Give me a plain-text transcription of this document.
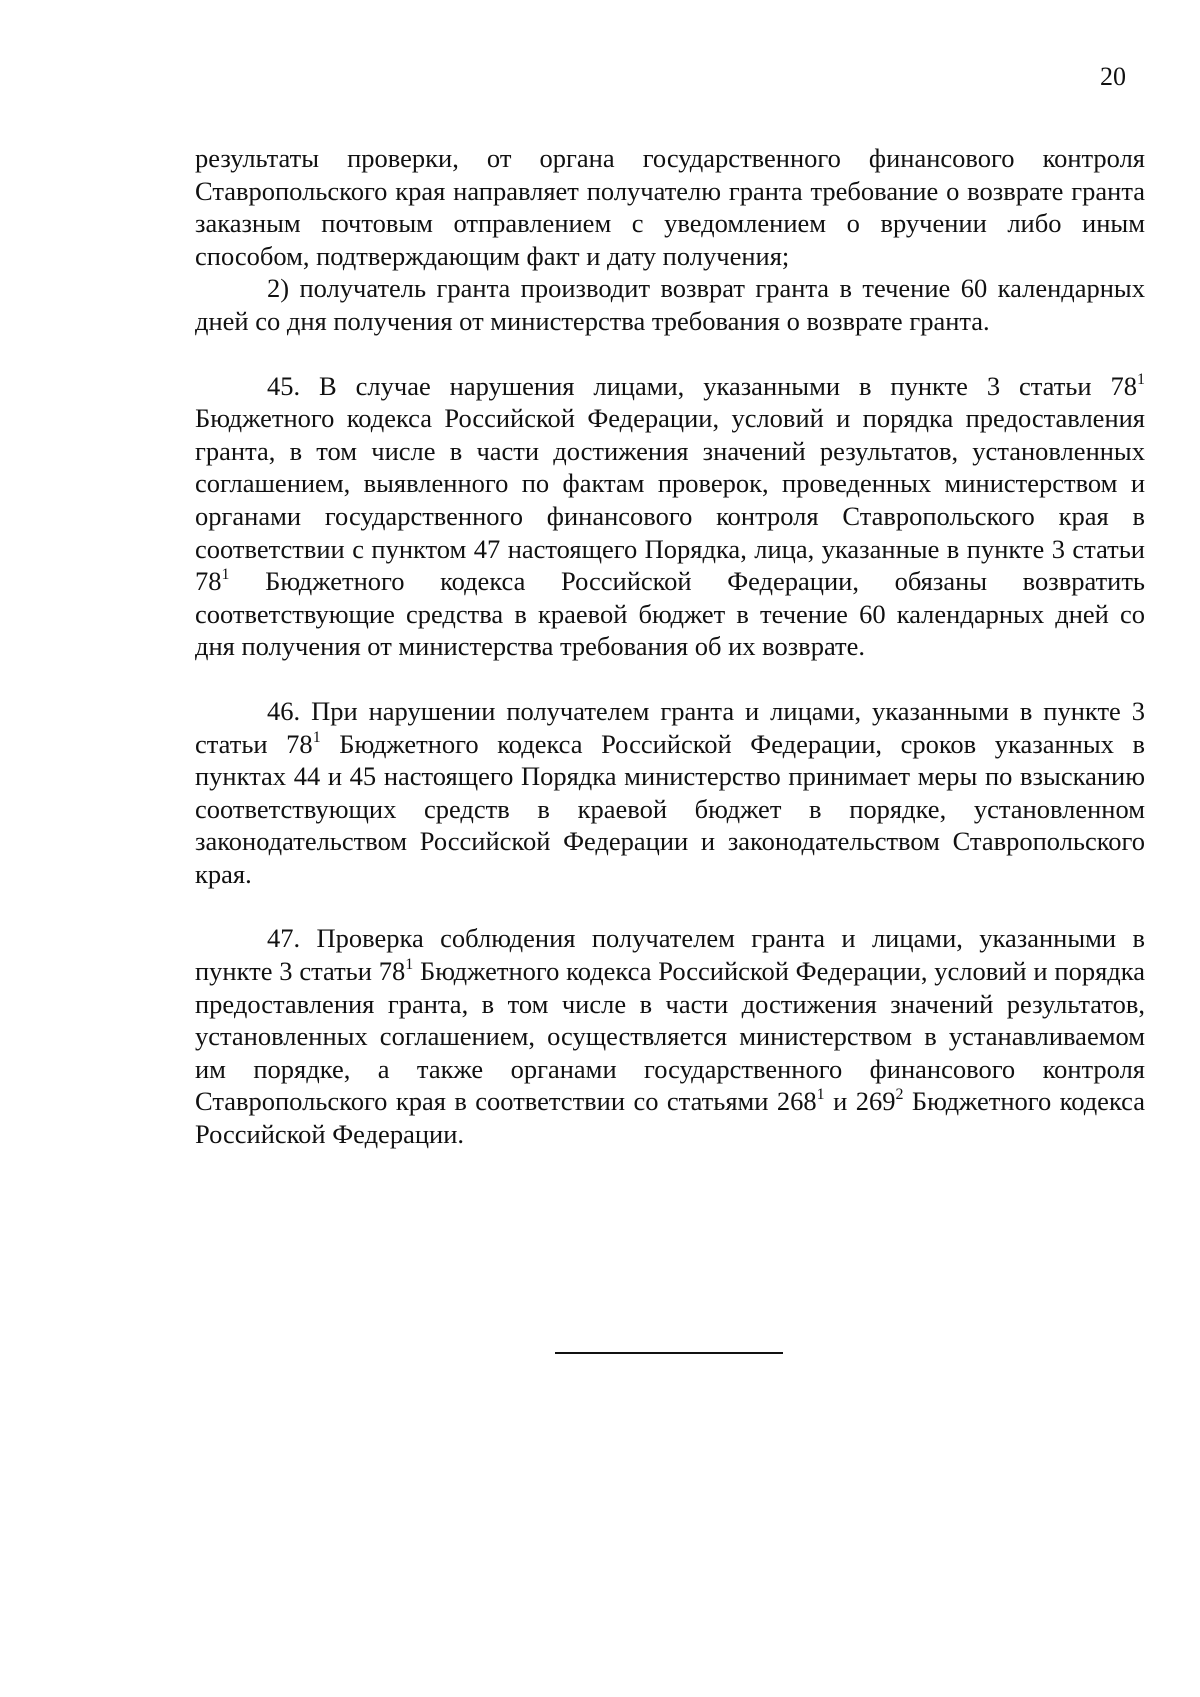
20

результаты проверки, от органа государственного финансового контроля Ставропольского края направляет получателю гранта требование о возврате гранта заказным почтовым отправлением с уведомлением о вручении либо иным способом, подтверждающим факт и дату получения;

2) получатель гранта производит возврат гранта в течение 60 календарных дней со дня получения от министерства требования о возврате гранта.

45. В случае нарушения лицами, указанными в пункте 3 статьи $78^1$ Бюджетного кодекса Российской Федерации, условий и порядка предоставления гранта, в том числе в части достижения значений результатов, установленных соглашением, выявленного по фактам проверок, проведенных министерством и органами государственного финансового контроля Ставропольского края в соответствии с пунктом 47 настоящего Порядка, лица, указанные в пункте 3 статьи $78^1$ Бюджетного кодекса Российской Федерации, обязаны возвратить соответствующие средства в краевой бюджет в течение 60 календарных дней со дня получения от министерства требования об их возврате.

46. При нарушении получателем гранта и лицами, указанными в пункте 3 статьи $78^1$ Бюджетного кодекса Российской Федерации, сроков указанных в пунктах 44 и 45 настоящего Порядка министерство принимает меры по взысканию соответствующих средств в краевой бюджет в порядке, установленном законодательством Российской Федерации и законодательством Ставропольского края.

47. Проверка соблюдения получателем гранта и лицами, указанными в пункте 3 статьи $78^1$ Бюджетного кодекса Российской Федерации, условий и порядка предоставления гранта, в том числе в части достижения значений результатов, установленных соглашением, осуществляется министерством в устанавливаемом им порядке, а также органами государственного финансового контроля Ставропольского края в соответствии со статьями $268^1$ и $269^2$ Бюджетного кодекса Российской Федерации.
